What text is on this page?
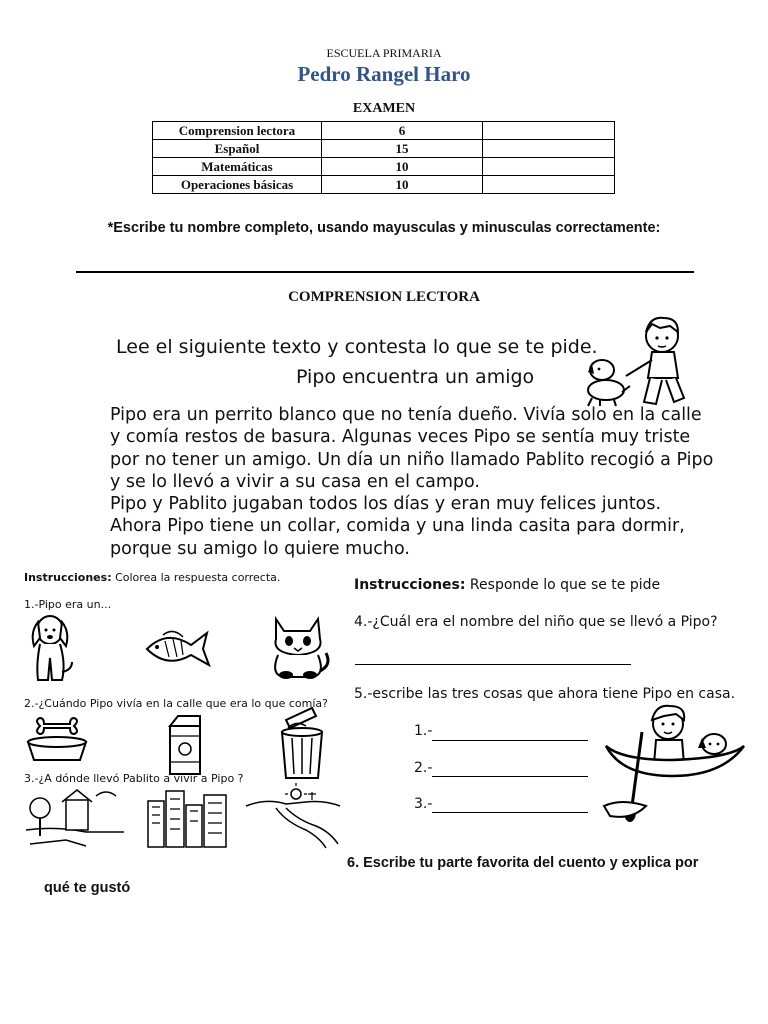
ESCUELA PRIMARIA
Pedro Rangel Haro
EXAMEN
Comprension lectora	6	
Español	15	
Matemáticas	10	
Operaciones básicas	10	
*Escribe tu nombre completo, usando mayusculas y minusculas correctamente:
COMPRENSION LECTORA
Lee el siguiente texto y contesta lo que se te pide.
Pipo encuentra un amigo
Pipo era un perrito blanco que no tenía dueño. Vivía solo en la calle
y comía restos de basura. Algunas veces Pipo se sentía muy triste
por no tener un amigo. Un día un niño llamado Pablito recogió a Pipo
y se lo llevó a vivir a su casa en el campo.
Pipo y Pablito jugaban todos los días y eran muy felices juntos.
Ahora Pipo tiene un collar, comida y una linda casita para dormir,
porque su amigo lo quiere mucho.
Instrucciones: Colorea la respuesta correcta.
1.-Pipo era un...
2.-¿Cuándo Pipo vivía en la calle que era lo que comía?
3.-¿A dónde llevó Pablito a vivir a Pipo ?
Instrucciones: Responde lo que se te pide
4.-¿Cuál era el nombre del niño que se llevó a Pipo?
5.-escribe las tres cosas que ahora tiene Pipo en casa.
1.-
2.-
3.-
6. Escribe tu parte favorita del cuento y explica por
qué te gustó
